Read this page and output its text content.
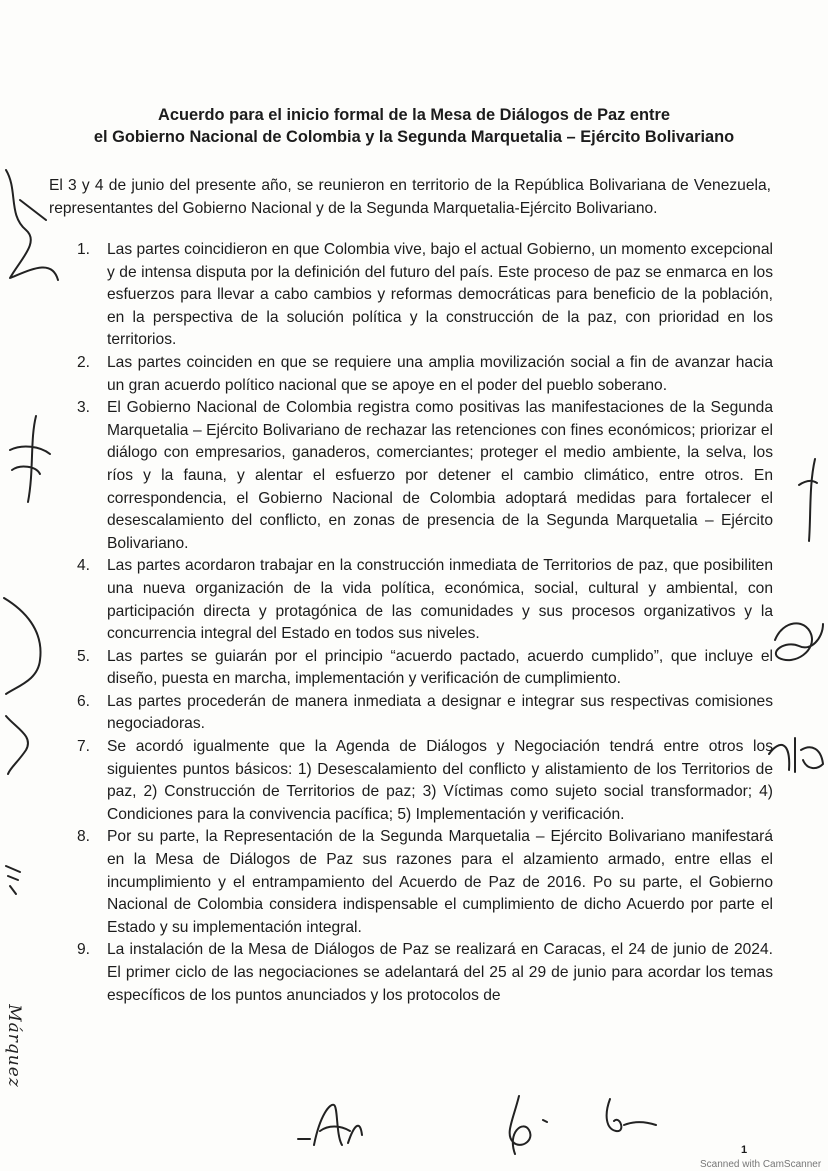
Acuerdo para el inicio formal de la Mesa de Diálogos de Paz entre
el Gobierno Nacional de Colombia y la Segunda Marquetalia – Ejército Bolivariano
El 3 y 4 de junio del presente año, se reunieron en territorio de la República Bolivariana de Venezuela, representantes del Gobierno Nacional y de la Segunda Marquetalia-Ejército Bolivariano.
1. Las partes coincidieron en que Colombia vive, bajo el actual Gobierno, un momento excepcional y de intensa disputa por la definición del futuro del país. Este proceso de paz se enmarca en los esfuerzos para llevar a cabo cambios y reformas democráticas para beneficio de la población, en la perspectiva de la solución política y la construcción de la paz, con prioridad en los territorios.
2. Las partes coinciden en que se requiere una amplia movilización social a fin de avanzar hacia un gran acuerdo político nacional que se apoye en el poder del pueblo soberano.
3. El Gobierno Nacional de Colombia registra como positivas las manifestaciones de la Segunda Marquetalia – Ejército Bolivariano de rechazar las retenciones con fines económicos; priorizar el diálogo con empresarios, ganaderos, comerciantes; proteger el medio ambiente, la selva, los ríos y la fauna, y alentar el esfuerzo por detener el cambio climático, entre otros. En correspondencia, el Gobierno Nacional de Colombia adoptará medidas para fortalecer el desescalamiento del conflicto, en zonas de presencia de la Segunda Marquetalia – Ejército Bolivariano.
4. Las partes acordaron trabajar en la construcción inmediata de Territorios de paz, que posibiliten una nueva organización de la vida política, económica, social, cultural y ambiental, con participación directa y protagónica de las comunidades y sus procesos organizativos y la concurrencia integral del Estado en todos sus niveles.
5. Las partes se guiarán por el principio “acuerdo pactado, acuerdo cumplido”, que incluye el diseño, puesta en marcha, implementación y verificación de cumplimiento.
6. Las partes procederán de manera inmediata a designar e integrar sus respectivas comisiones negociadoras.
7. Se acordó igualmente que la Agenda de Diálogos y Negociación tendrá entre otros los siguientes puntos básicos: 1) Desescalamiento del conflicto y alistamiento de los Territorios de paz, 2) Construcción de Territorios de paz; 3) Víctimas como sujeto social transformador; 4) Condiciones para la convivencia pacífica; 5) Implementación y verificación.
8. Por su parte, la Representación de la Segunda Marquetalia – Ejército Bolivariano manifestará en la Mesa de Diálogos de Paz sus razones para el alzamiento armado, entre ellas el incumplimiento y el entrampamiento del Acuerdo de Paz de 2016. Po su parte, el Gobierno Nacional de Colombia considera indispensable el cumplimiento de dicho Acuerdo por parte el Estado y su implementación integral.
9. La instalación de la Mesa de Diálogos de Paz se realizará en Caracas, el 24 de junio de 2024. El primer ciclo de las negociaciones se adelantará del 25 al 29 de junio para acordar los temas específicos de los puntos anunciados y los protocolos de
Márquez
1
Scanned with CamScanner
